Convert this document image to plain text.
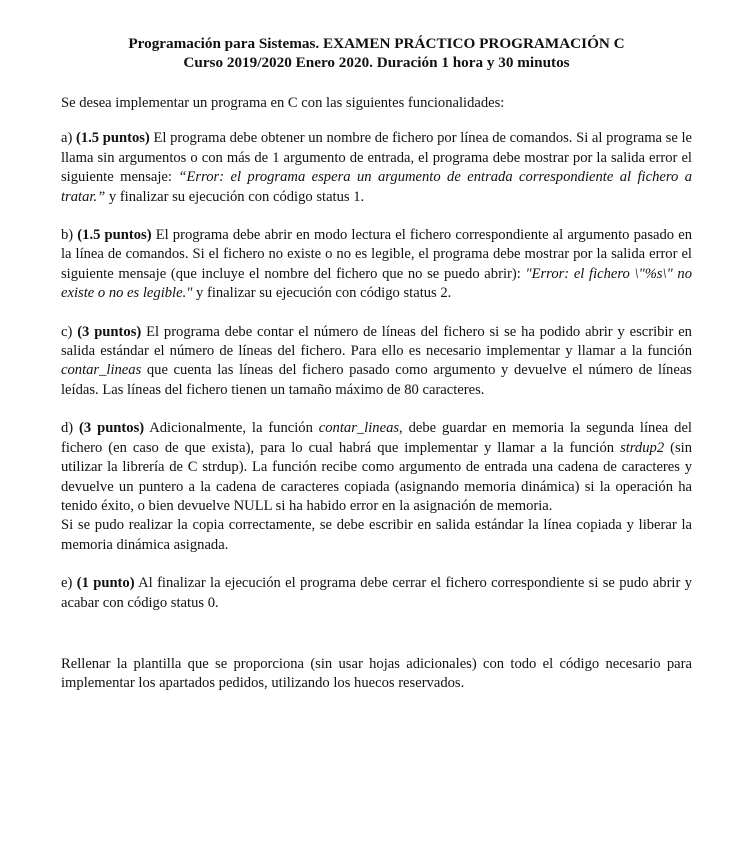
Programación para Sistemas. EXAMEN PRÁCTICO PROGRAMACIÓN C
Curso 2019/2020 Enero 2020. Duración 1 hora y 30 minutos

Se desea implementar un programa en C con las siguientes funcionalidades:

a) (1.5 puntos) El programa debe obtener un nombre de fichero por línea de comandos. Si al programa se le llama sin argumentos o con más de 1 argumento de entrada, el programa debe mostrar por la salida error el siguiente mensaje: “Error: el programa espera un argumento de entrada correspondiente al fichero a tratar.” y finalizar su ejecución con código status 1.

b) (1.5 puntos) El programa debe abrir en modo lectura el fichero correspondiente al argumento pasado en la línea de comandos. Si el fichero no existe o no es legible, el programa debe mostrar por la salida error el siguiente mensaje (que incluye el nombre del fichero que no se puedo abrir): "Error: el fichero \"%s\" no existe o no es legible." y finalizar su ejecución con código status 2.

c) (3 puntos) El programa debe contar el número de líneas del fichero si se ha podido abrir y escribir en salida estándar el número de líneas del fichero. Para ello es necesario implementar y llamar a la función contar_lineas que cuenta las líneas del fichero pasado como argumento y devuelve el número de líneas leídas. Las líneas del fichero tienen un tamaño máximo de 80 caracteres.

d) (3 puntos) Adicionalmente, la función contar_lineas, debe guardar en memoria la segunda línea del fichero (en caso de que exista), para lo cual habrá que implementar y llamar a la función strdup2 (sin utilizar la librería de C strdup). La función recibe como argumento de entrada una cadena de caracteres y devuelve un puntero a la cadena de caracteres copiada (asignando memoria dinámica) si la operación ha tenido éxito, o bien devuelve NULL si ha habido error en la asignación de memoria.

Si se pudo realizar la copia correctamente, se debe escribir en salida estándar la línea copiada y liberar la memoria dinámica asignada.

e) (1 punto) Al finalizar la ejecución el programa debe cerrar el fichero correspondiente si se pudo abrir y acabar con código status 0.

Rellenar la plantilla que se proporciona (sin usar hojas adicionales) con todo el código necesario para implementar los apartados pedidos, utilizando los huecos reservados.
